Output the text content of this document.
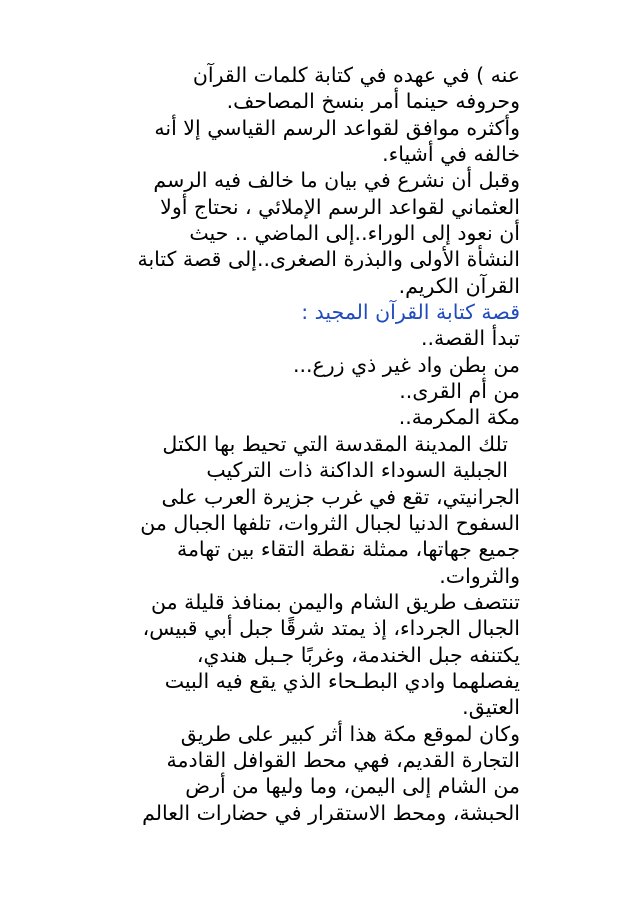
عنه ) في عهده في كتابة كلمات القرآن
وحروفه حينما أمر بنسخ المصاحف.
وأكثره موافق لقواعد الرسم القياسي إلا أنه
خالفه في أشياء.
وقبل أن نشرع في بيان ما خالف فيه الرسم
العثماني لقواعد الرسم الإملائي ، نحتاج أولا
أن نعود إلى الوراء..إلى الماضي .. حيث
النشأة الأولى والبذرة الصغرى..إلى قصة كتابة
القرآن الكريم.
قصة كتابة القرآن المجيد :
تبدأ القصة..
من بطن واد غير ذي زرع...
من أم القرى..
مكة المكرمة..
تلك المدينة المقدسة التي تحيط بها الكتل
الجبلية السوداء الداكنة ذات التركيب
الجرانيتي، تقع في غرب جزيرة العرب على
السفوح الدنيا لجبال الثروات، تلفها الجبال من
جميع جهاتها، ممثلة نقطة التقاء بين تهامة
والثروات.
تنتصف طريق الشام واليمن بمنافذ قليلة من
الجبال الجرداء، إذ يمتد شرقًا جبل أبي قبيس،
يكتنفه جبل الخندمة، وغربًا جـبل هندي،
يفصلهما وادي البطـحاء الذي يقع فيه البيت
العتيق.
وكان لموقع مكة هذا أثر كبير على طريق
التجارة القديم، فهي محط القوافل القادمة
من الشام إلى اليمن، وما وليها من أرض
الحبشة، ومحط الاستقرار في حضارات العالم
